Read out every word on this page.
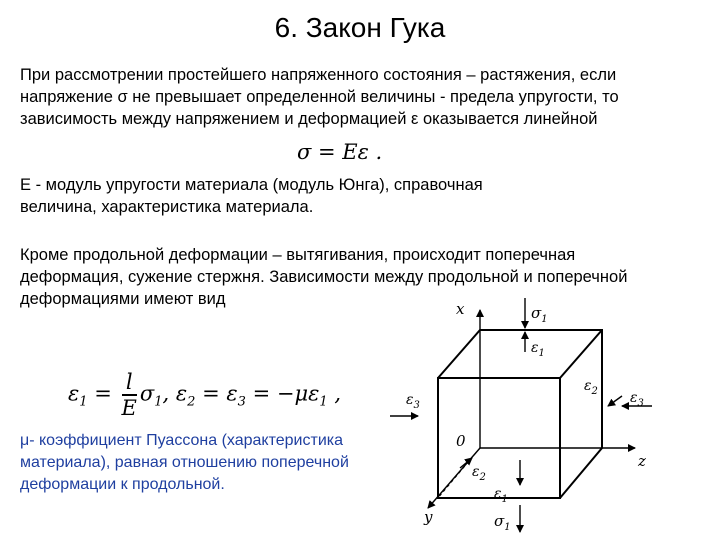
6. Закон Гука

При рассмотрении простейшего напряженного состояния – растяжения, если
напряжение σ не превышает определенной величины - предела упругости, то
зависимость между напряжением и деформацией ε оказывается линейной

σ = Eε .

E - модуль упругости материала (модуль Юнга), справочная
величина, характеристика материала.

Кроме продольной деформации – вытягивания, происходит поперечная
деформация, сужение стержня. Зависимости между продольной и поперечной
деформациями имеют вид

$\varepsilon_1 = \frac{l}{E} \sigma_1$, $\varepsilon_2 = \varepsilon_3 = -\mu\varepsilon_1$ ,

μ- коэффициент Пуассона (характеристика
материала), равная отношению поперечной
деформации к продольной.

x
z
y
0
$\sigma_1$
$\varepsilon_1$
$\varepsilon_3$
$\varepsilon_2$ $\varepsilon_3$
$\varepsilon_2$
$\varepsilon_1$
$\sigma_1$
